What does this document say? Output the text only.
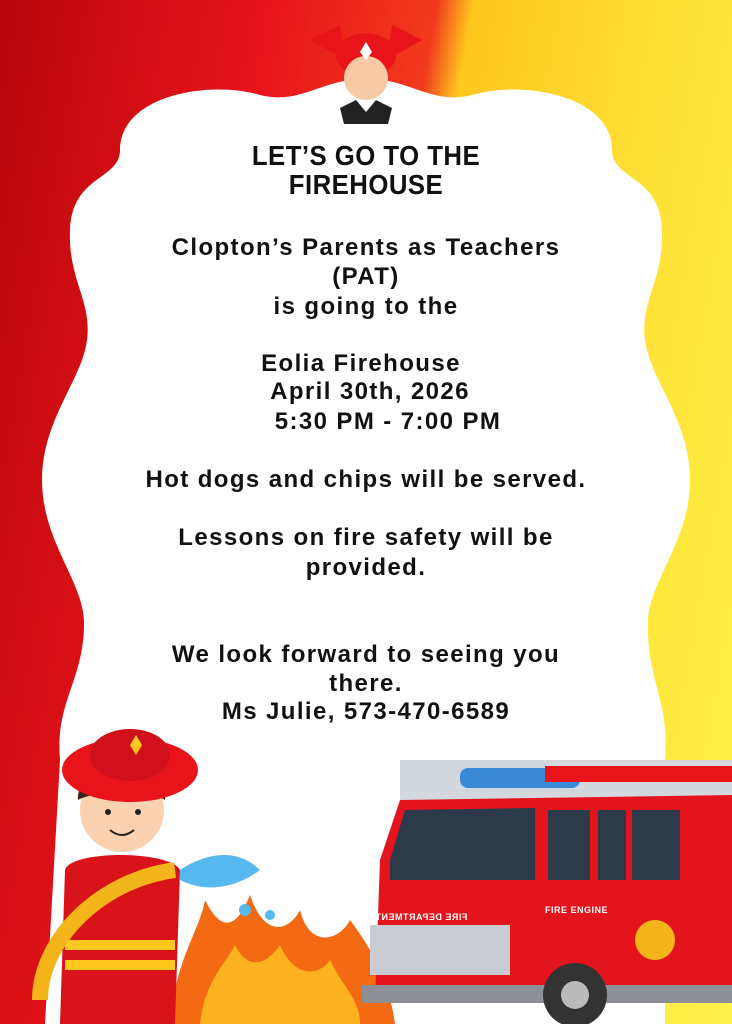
FIRE DEPARTMENT
FIRE ENGINE
LET’S GO TO THE
FIREHOUSE
Clopton’s Parents as Teachers
(PAT)
is going to the
Eolia Firehouse
April 30th, 2026
5:30 PM - 7:00 PM
Hot dogs and chips will be served.
Lessons on fire safety will be
provided.
We look forward to seeing you
there.
Ms Julie, 573-470-6589
